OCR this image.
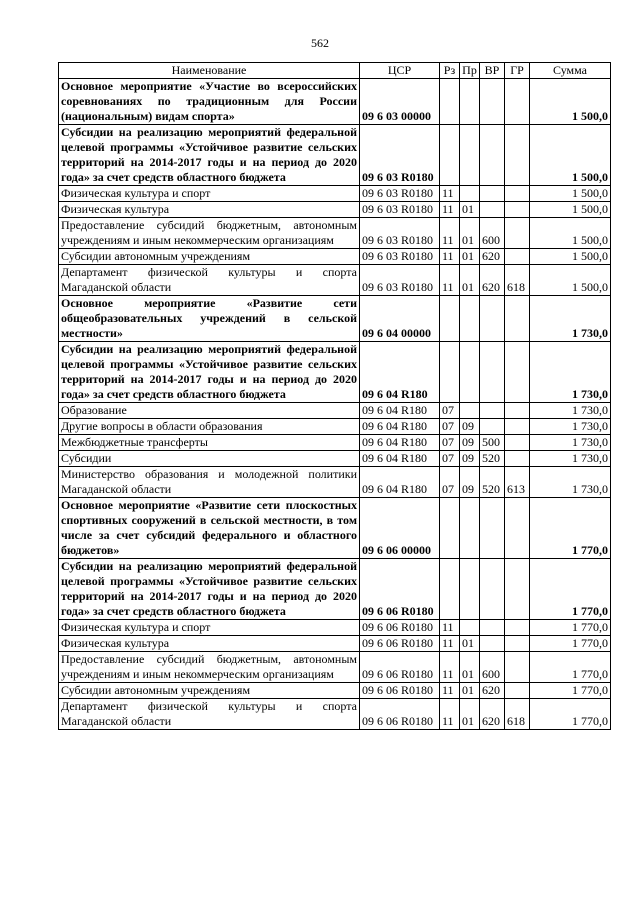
562
Наименование	ЦСР	Рз	Пр	ВР	ГР	Сумма
Основное мероприятие «Участие во всероссийских соревнованиях по традиционным для России (национальным) видам спорта»	09 6 03 00000					1 500,0
Субсидии на реализацию мероприятий федеральной целевой программы «Устойчивое развитие сельских территорий на 2014-2017 годы и на период до 2020 года» за счет средств областного бюджета	09 6 03 R0180					1 500,0
Физическая культура и спорт	09 6 03 R0180	11				1 500,0
Физическая культура	09 6 03 R0180	11	01			1 500,0
Предоставление субсидий бюджетным, автономным учреждениям и иным некоммерческим организациям	09 6 03 R0180	11	01	600		1 500,0
Субсидии автономным учреждениям	09 6 03 R0180	11	01	620		1 500,0
Департамент физической культуры и спорта Магаданской области	09 6 03 R0180	11	01	620	618	1 500,0
Основное мероприятие «Развитие сети общеобразовательных учреждений в сельской местности»	09 6 04 00000					1 730,0
Субсидии на реализацию мероприятий федеральной целевой программы «Устойчивое развитие сельских территорий на 2014-2017 годы и на период до 2020 года» за счет средств областного бюджета	09 6 04 R180					1 730,0
Образование	09 6 04 R180	07				1 730,0
Другие вопросы в области образования	09 6 04 R180	07	09			1 730,0
Межбюджетные трансферты	09 6 04 R180	07	09	500		1 730,0
Субсидии	09 6 04 R180	07	09	520		1 730,0
Министерство образования и молодежной политики Магаданской области	09 6 04 R180	07	09	520	613	1 730,0
Основное мероприятие «Развитие сети плоскостных спортивных сооружений в сельской местности, в том числе за счет субсидий федерального и областного бюджетов»	09 6 06 00000					1 770,0
Субсидии на реализацию мероприятий федеральной целевой программы «Устойчивое развитие сельских территорий на 2014-2017 годы и на период до 2020 года» за счет средств областного бюджета	09 6 06 R0180					1 770,0
Физическая культура и спорт	09 6 06 R0180	11				1 770,0
Физическая культура	09 6 06 R0180	11	01			1 770,0
Предоставление субсидий бюджетным, автономным учреждениям и иным некоммерческим организациям	09 6 06 R0180	11	01	600		1 770,0
Субсидии автономным учреждениям	09 6 06 R0180	11	01	620		1 770,0
Департамент физической культуры и спорта Магаданской области	09 6 06 R0180	11	01	620	618	1 770,0
